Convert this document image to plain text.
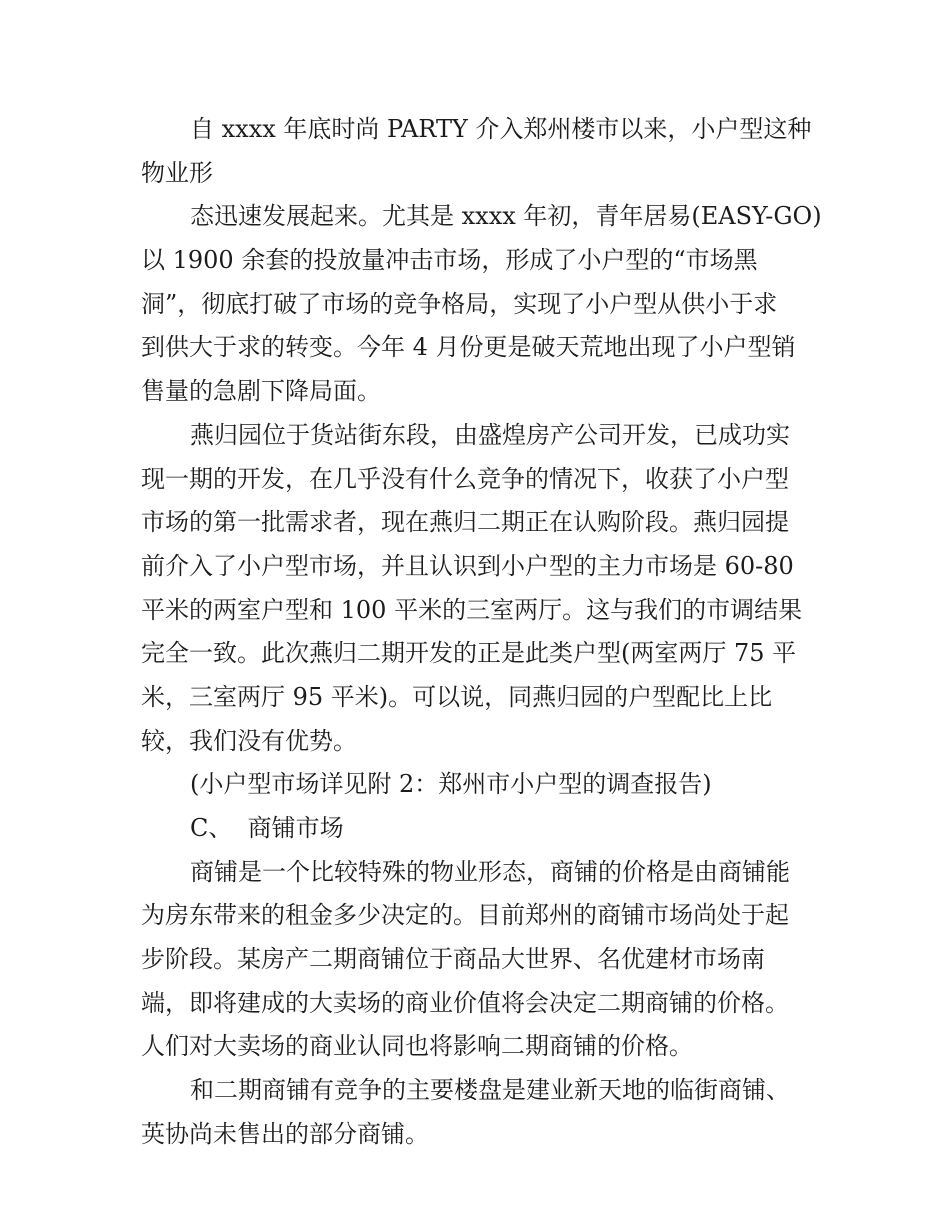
自 xxxx 年底时尚 PARTY 介入郑州楼市以来，小户型这种
物业形
态迅速发展起来。尤其是 xxxx 年初，青年居易(EASY-GO)
以 1900 余套的投放量冲击市场，形成了小户型的“市场黑
洞”，彻底打破了市场的竞争格局，实现了小户型从供小于求
到供大于求的转变。今年 4 月份更是破天荒地出现了小户型销
售量的急剧下降局面。
燕归园位于货站街东段，由盛煌房产公司开发，已成功实
现一期的开发，在几乎没有什么竞争的情况下，收获了小户型
市场的第一批需求者，现在燕归二期正在认购阶段。燕归园提
前介入了小户型市场，并且认识到小户型的主力市场是 60-80
平米的两室户型和 100 平米的三室两厅。这与我们的市调结果
完全一致。此次燕归二期开发的正是此类户型(两室两厅 75 平
米，三室两厅 95 平米)。可以说，同燕归园的户型配比上比
较，我们没有优势。
(小户型市场详见附 2：郑州市小户型的调查报告)
C、  商铺市场
商铺是一个比较特殊的物业形态，商铺的价格是由商铺能
为房东带来的租金多少决定的。目前郑州的商铺市场尚处于起
步阶段。某房产二期商铺位于商品大世界、名优建材市场南
端，即将建成的大卖场的商业价值将会决定二期商铺的价格。
人们对大卖场的商业认同也将影响二期商铺的价格。
和二期商铺有竞争的主要楼盘是建业新天地的临街商铺、
英协尚未售出的部分商铺。
